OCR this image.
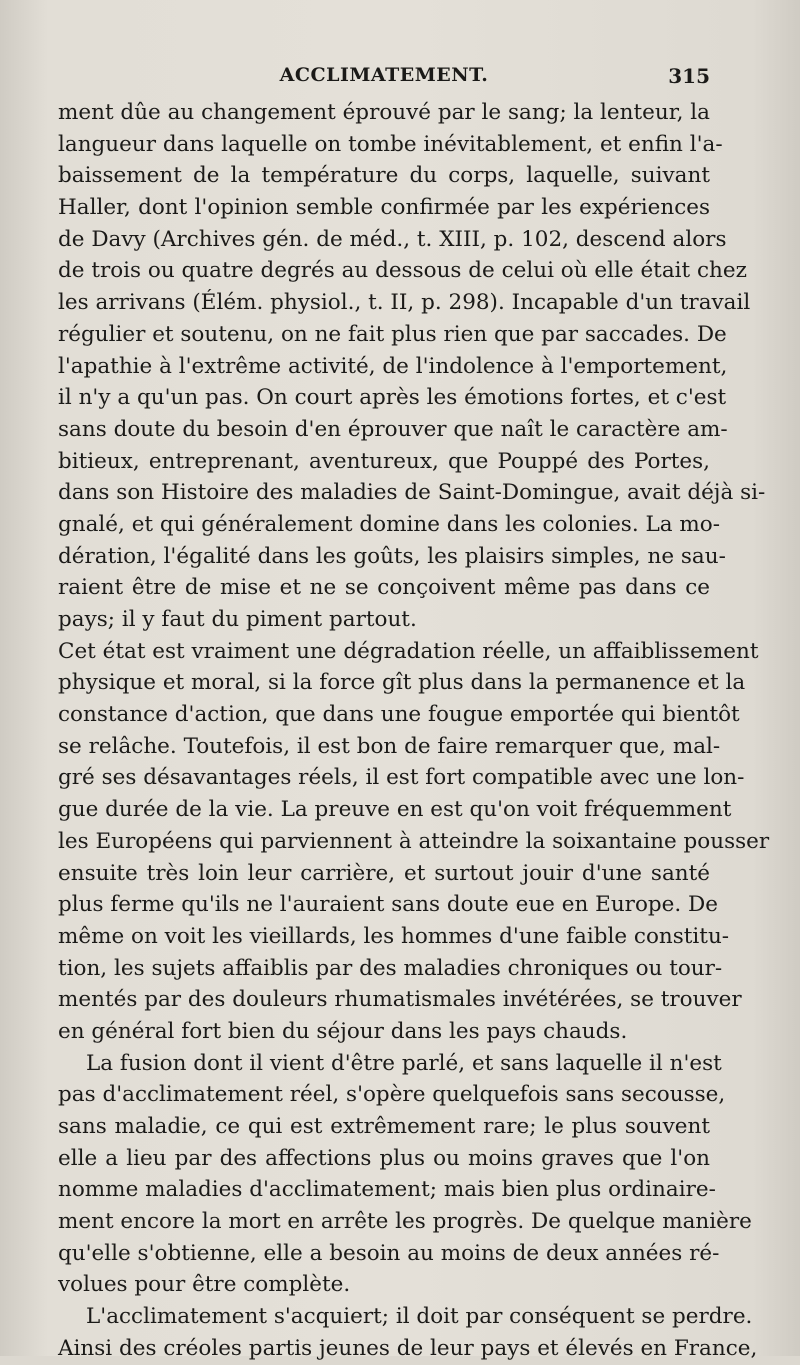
ACCLIMATEMENT.	315
ment dûe au changement éprouvé par le sang; la lenteur, la
langueur dans laquelle on tombe inévitablement, et enfin l'a-
baissement de la température du corps, laquelle, suivant
Haller, dont l'opinion semble confirmée par les expériences
de Davy (Archives gén. de méd., t. XIII, p. 102, descend alors
de trois ou quatre degrés au dessous de celui où elle était chez
les arrivans (Élém. physiol., t. II, p. 298). Incapable d'un travail
régulier et soutenu, on ne fait plus rien que par saccades. De
l'apathie à l'extrême activité, de l'indolence à l'emportement,
il n'y a qu'un pas. On court après les émotions fortes, et c'est
sans doute du besoin d'en éprouver que naît le caractère am-
bitieux, entreprenant, aventureux, que Pouppé des Portes,
dans son Histoire des maladies de Saint-Domingue, avait déjà si-
gnalé, et qui généralement domine dans les colonies. La mo-
dération, l'égalité dans les goûts, les plaisirs simples, ne sau-
raient être de mise et ne se conçoivent même pas dans ce
pays; il y faut du piment partout.
Cet état est vraiment une dégradation réelle, un affaiblissement
physique et moral, si la force gît plus dans la permanence et la
constance d'action, que dans une fougue emportée qui bientôt
se relâche. Toutefois, il est bon de faire remarquer que, mal-
gré ses désavantages réels, il est fort compatible avec une lon-
gue durée de la vie. La preuve en est qu'on voit fréquemment
les Européens qui parviennent à atteindre la soixantaine pousser
ensuite très loin leur carrière, et surtout jouir d'une santé
plus ferme qu'ils ne l'auraient sans doute eue en Europe. De
même on voit les vieillards, les hommes d'une faible constitu-
tion, les sujets affaiblis par des maladies chroniques ou tour-
mentés par des douleurs rhumatismales invétérées, se trouver
en général fort bien du séjour dans les pays chauds.
La fusion dont il vient d'être parlé, et sans laquelle il n'est
pas d'acclimatement réel, s'opère quelquefois sans secousse,
sans maladie, ce qui est extrêmement rare; le plus souvent
elle a lieu par des affections plus ou moins graves que l'on
nomme maladies d'acclimatement; mais bien plus ordinaire-
ment encore la mort en arrête les progrès. De quelque manière
qu'elle s'obtienne, elle a besoin au moins de deux années ré-
volues pour être complète.
L'acclimatement s'acquiert; il doit par conséquent se perdre.
Ainsi des créoles partis jeunes de leur pays et élevés en France,
